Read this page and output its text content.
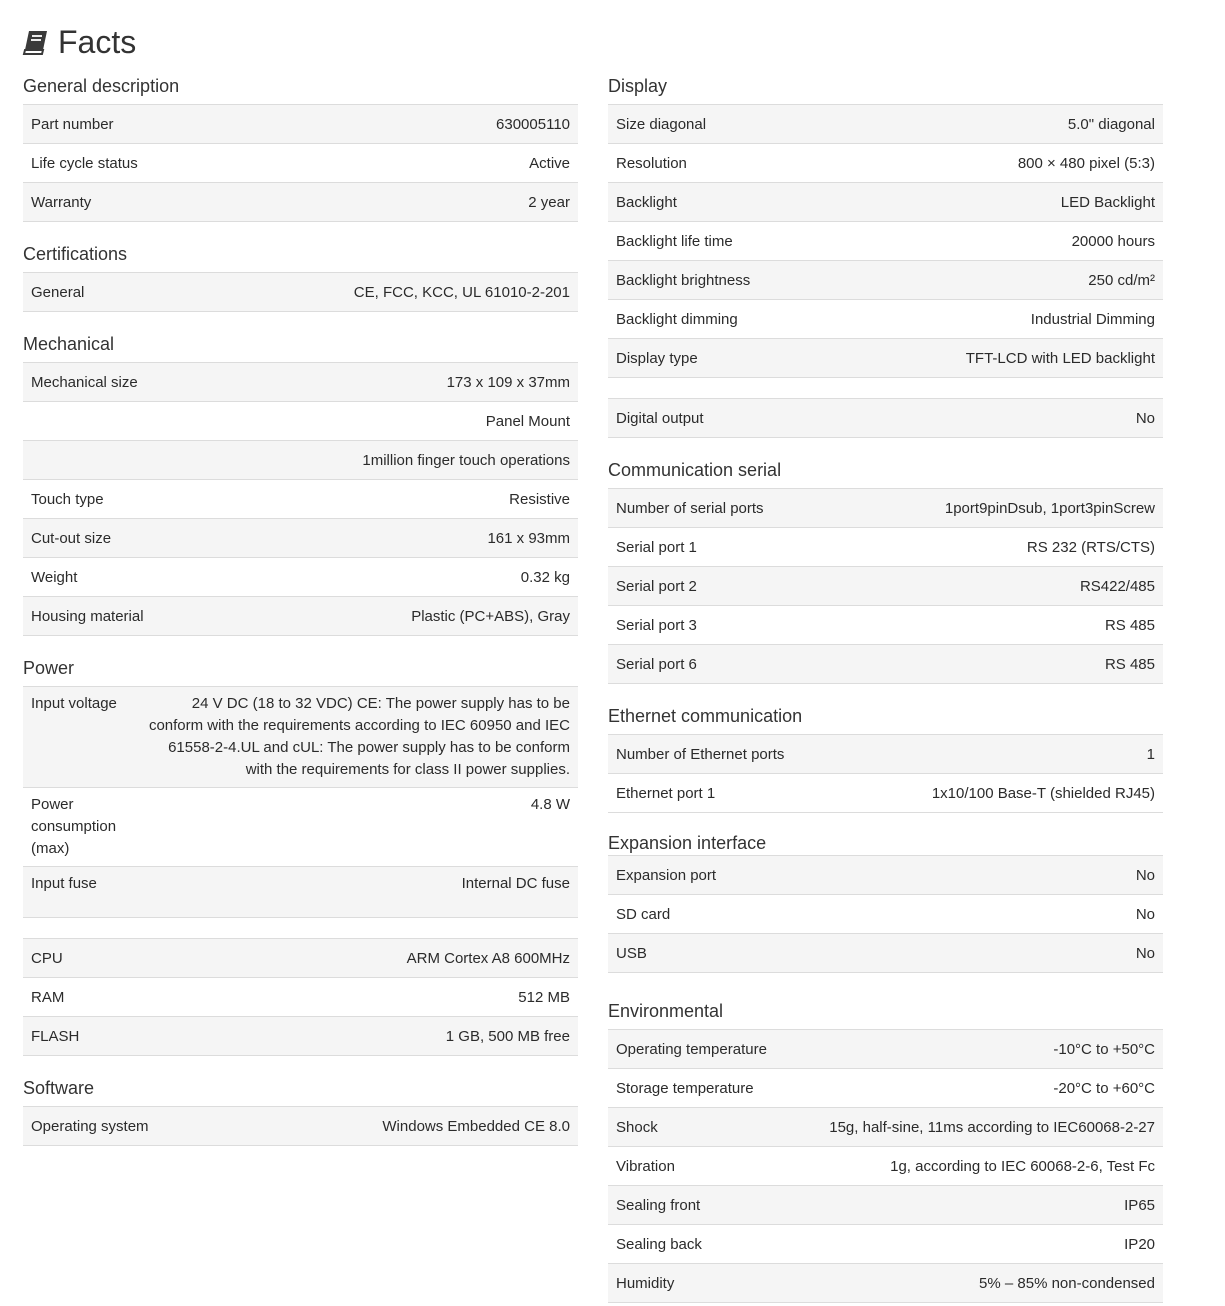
Facts
General description
Part number	630005110
Life cycle status	Active
Warranty	2 year
Certifications
General	CE, FCC, KCC, UL 61010-2-201
Mechanical
Mechanical size	173 x 109 x 37mm
	Panel Mount
	1million finger touch operations
Touch type	Resistive
Cut-out size	161 x 93mm
Weight	0.32 kg
Housing material	Plastic (PC+ABS), Gray
Power
Input voltage	24 V DC (18 to 32 VDC) CE: The power supply has to be conform with the requirements according to IEC 60950 and IEC 61558-2-4.UL and cUL: The power supply has to be conform with the requirements for class II power supplies.
Power consumption (max)	4.8 W
Input fuse	Internal DC fuse
CPU	ARM Cortex A8 600MHz
RAM	512 MB
FLASH	1 GB, 500 MB free
Software
Operating system	Windows Embedded CE 8.0
Display
Size diagonal	5.0" diagonal
Resolution	800 × 480 pixel (5:3)
Backlight	LED Backlight
Backlight life time	20000 hours
Backlight brightness	250 cd/m²
Backlight dimming	Industrial Dimming
Display type	TFT-LCD with LED backlight
Digital output	No
Communication serial
Number of serial ports	1port9pinDsub, 1port3pinScrew
Serial port 1	RS 232 (RTS/CTS)
Serial port 2	RS422/485
Serial port 3	RS 485
Serial port 6	RS 485
Ethernet communication
Number of Ethernet ports	1
Ethernet port 1	1x10/100 Base-T (shielded RJ45)
Expansion interface
Expansion port	No
SD card	No
USB	No
Environmental
Operating temperature	-10°C to +50°C
Storage temperature	-20°C to +60°C
Shock	15g, half-sine, 11ms according to IEC60068-2-27
Vibration	1g, according to IEC 60068-2-6, Test Fc
Sealing front	IP65
Sealing back	IP20
Humidity	5% – 85% non-condensed
